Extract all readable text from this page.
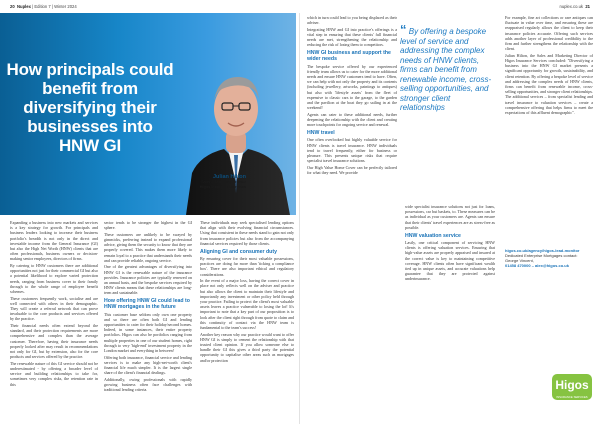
20 Nuplex | Edition 7 | Winter 2024	nuplex.co.uk 21
How principals could benefit from diversifying their businesses into HNW GI
Julian Hilton
Sales & Marketing Director
Higos Insurance Services

Expanding a business into new markets and services is a key strategy for growth. For principals and business leaders looking to increase their business portfolio's breadth is not only in the direct and investable income from the General Insurance (GI) but also the High Net Worth (HNW) clients that are often professionals, business owners or decision-making senior employees, directors of firms.

By catering to HNW customers there are additional opportunities not just for their commercial GI but also a potential likelihood to explore varied protection needs, ranging from business cover to their family through to the whole range of employee benefit schemes.

These customers frequently work, socialise and are well connected with others in their demographic. They will create a referral network that can prove invaluable to the core products and services offered by the practice.

Their financial needs often extend beyond the standard, and their protection requirements are more comprehensive and complex than the average customer. Therefore, having their insurance needs properly looked after may result in recommendations not only for GI, but by extension, also for the core products and services offered by the practice.

The renewable nature of this GI service should not be underestimated - by offering a broader level of service and building relationships to take for, sometimes very complex risks, the retention rate in this

sector tends to be stronger the highest in the GI sphere.

These customers are unlikely to be swayed by gimmicks, preferring instead to expand professional advice, giving them the security to know that they are properly covered. This makes them more likely to remain loyal to a practice that understands their needs and can provide reliable, ongoing service.

One of the greatest advantages of diversifying into HNW GI is the renewable nature of the insurance provides. Insurance policies are typically renewed on an annual basis, and the bespoke services required by HNW clients means that these relationships are long-term and sustainable.

How offering HNW GI could lead to HNW mortgages in the future

This customer base seldom only own one property and so there are often both GI and lending opportunities to cater for their holiday/second homes. Indeed, in some instances, their entire property portfolios. Higos can also be portfolios ranging from multiple properties in one of our student homes, right through to very 'high-end' investment property in the London market and everything in between!

Offering both insurance, financial service and lending services is to make any high-net-worth client's financial life much simpler. It is the largest single share of the client's financial dealings.

Additionally, owing professionals with rapidly growing business often face challenges with traditional lending criteria.

These individuals may seek specialised lending options that align with their evolving financial circumstances. Using that consistent in these needs stand to gain not only from insurance policies but also from the accompanying financial services required by those clients.

Aligning GI and consumer duty

By ensuring cover for their most valuable possessions, practices are doing far more than 'ticking a compliance box'. There are also important ethical and regulatory considerations.

In the event of a major loss, having the correct cover in place not only reflects well on the adviser and practice but also allows the client to maintain their lifestyle and importantly any investment or other policy held through your practice. Failing to protect the client's most valuable assets leaves a practice vulnerable to losing the lot! It's important to note that a key part of our proposition is to look after the client right through from quote to claim and this continuity of contact via the HNW team is fundamental to the team's success!

Another key reason why our practice would want to offer HNW GI is simply to cement the relationship with that trusted client opinion. If you allow someone else to handle their GI this gives a third party the potential opportunity to capitalise other areas such as mortgages and/or protection

which in turn could lead to you being displaced as their adviser.

Integrating HNW and GI into practice's offerings is a vital step in ensuring that these clients' full financial needs are met, strengthening the relationship and reducing the risk of losing them to competitors.

HNW GI business and support the wider needs

The bespoke service offered by our experienced friendly team allows us to cater for the more additional needs and ensure HNW customers tend to have. Often, we can help with not only the property and its contents (including jewellery, artworks, paintings to antiques) but also with 'lifestyle assets' from the fleet of expensive to classic cars to the garage, to the garden and the pavilion at the boat they go sailing in at the weekend!

Agents can cater to these additional needs, further deepening the relationship with the client and creating more touchpoints for ongoing service and renewal.

HNW travel

One often overlooked but highly valuable service for HNW clients is travel insurance. HNW individuals tend to travel frequently, either for business or pleasure. This presents unique risks that require specialist travel insurance solutions.

Our High Value Home Cover can be perfectly tailored for what they need. We provide

“ By offering a bespoke level of service and addressing the complex needs of HNW clients, firms can benefit from renewable income, cross-selling opportunities, and stronger client relationships

wide specialist insurance solutions not just for loans, possessions, car but baskets, to. These measures can be as individual as your customers are. Agents can ensure that their clients' travel experiences are as stress-free as possible.

HNW valuation service

Lastly, one critical component of servicing HNW clients is offering valuation services. Ensuring that high-value assets are properly appraised and insured at the correct value is key to maintaining competitive coverage. HNW clients often have significant wealth tied up in unique assets, and accurate valuations help guarantee that they are protected against underinsurance.

For example, fine art collections or rare antiques can fluctuate in value over time, and ensuring these are reappraised regularly allows the client to keep their insurance policies accurate. Offering such services adds another layer of professional credibility to the firm and further strengthens the relationship with the client.

Julian Hilton, the Sales and Marketing Director of Higos Insurance Services concluded: "Diversifying a business into the HNW GI market presents a significant opportunity for growth, sustainability, and client retention. By offering a bespoke level of service and addressing the complex needs of HNW clients, firms can benefit from renewable income, cross-selling opportunities, and stronger client relationships. The additional services – from specialist lending and travel insurance to valuation services – create a comprehensive offering that helps firms to meet the expectations of this affluent demographic".

higos.co.uk/agency/higos-lead-monitor
Dedicated Enterprise Mortgages contact:
George Vincent,
01458 470000 – alex@higos.co.uk
Higos
INSURANCE SERVICES
